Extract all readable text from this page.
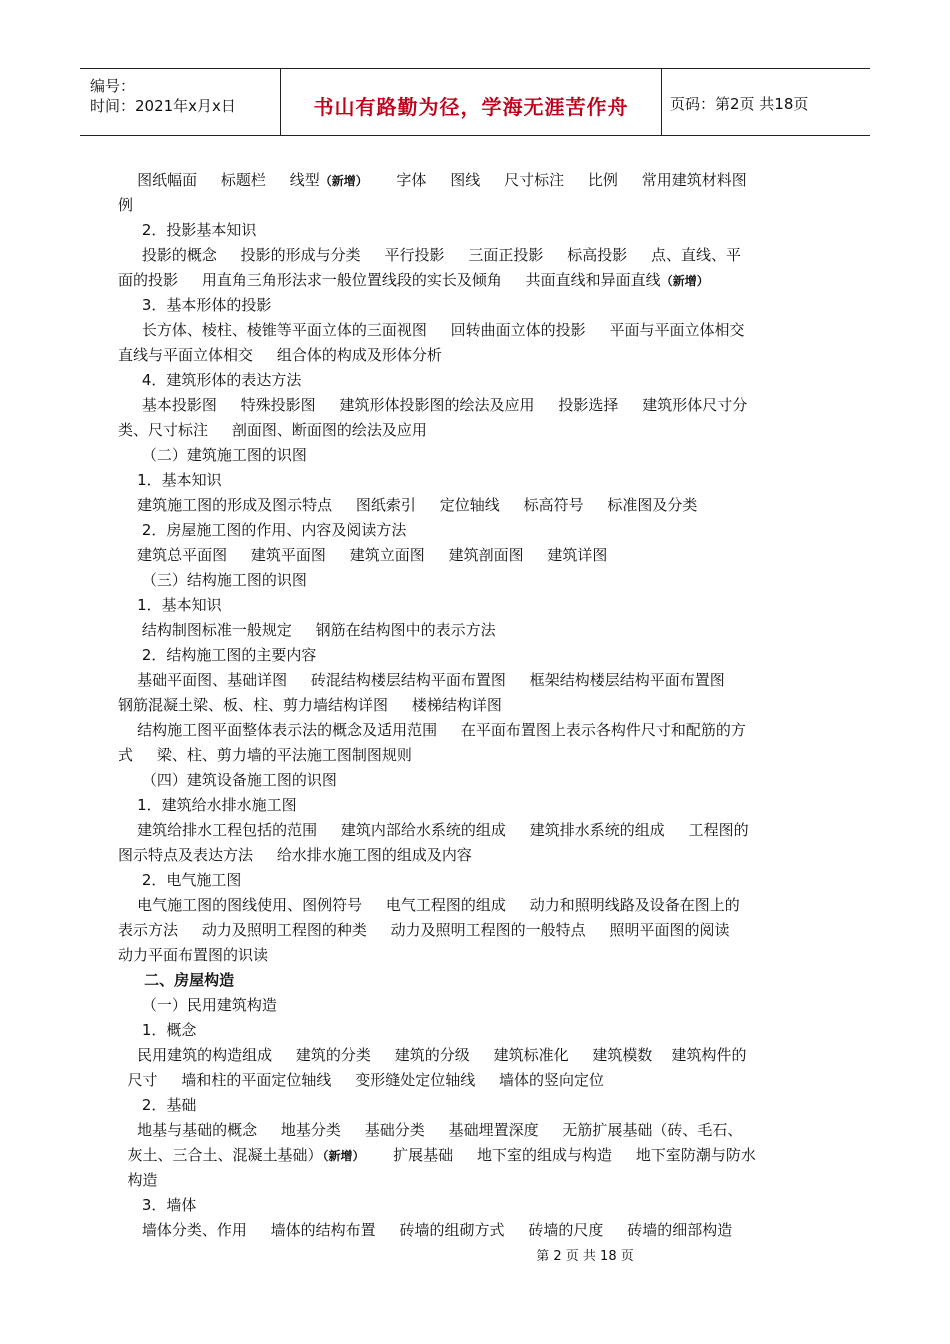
编号：
时间：2021年x月x日	书山有路勤为径，学海无涯苦作舟	页码：第2页 共18页
图纸幅面     标题栏     线型（新增）      字体     图线     尺寸标注     比例     常用建筑材料图
例
2．投影基本知识
投影的概念     投影的形成与分类     平行投影     三面正投影     标高投影     点、直线、平
面的投影     用直角三角形法求一般位置线段的实长及倾角     共面直线和异面直线（新增）
3．基本形体的投影
长方体、棱柱、棱锥等平面立体的三面视图     回转曲面立体的投影     平面与平面立体相交
直线与平面立体相交     组合体的构成及形体分析
4．建筑形体的表达方法
基本投影图     特殊投影图     建筑形体投影图的绘法及应用     投影选择     建筑形体尺寸分
类、尺寸标注     剖面图、断面图的绘法及应用
（二）建筑施工图的识图
1．基本知识
建筑施工图的形成及图示特点     图纸索引     定位轴线     标高符号     标准图及分类
2．房屋施工图的作用、内容及阅读方法
建筑总平面图     建筑平面图     建筑立面图     建筑剖面图     建筑详图
（三）结构施工图的识图
1．基本知识
结构制图标准一般规定     钢筋在结构图中的表示方法
2．结构施工图的主要内容
基础平面图、基础详图     砖混结构楼层结构平面布置图     框架结构楼层结构平面布置图
钢筋混凝土梁、板、柱、剪力墙结构详图     楼梯结构详图
结构施工图平面整体表示法的概念及适用范围     在平面布置图上表示各构件尺寸和配筋的方
式     梁、柱、剪力墙的平法施工图制图规则
（四）建筑设备施工图的识图
1．建筑给水排水施工图
建筑给排水工程包括的范围     建筑内部给水系统的组成     建筑排水系统的组成     工程图的
图示特点及表达方法     给水排水施工图的组成及内容
2．电气施工图
电气施工图的图线使用、图例符号     电气工程图的组成     动力和照明线路及设备在图上的
表示方法     动力及照明工程图的种类     动力及照明工程图的一般特点     照明平面图的阅读
动力平面布置图的识读
二、房屋构造
（一）民用建筑构造
1．概念
民用建筑的构造组成     建筑的分类     建筑的分级     建筑标准化     建筑模数    建筑构件的
尺寸     墙和柱的平面定位轴线     变形缝处定位轴线     墙体的竖向定位
2．基础
地基与基础的概念     地基分类     基础分类     基础埋置深度     无筋扩展基础（砖、毛石、
灰土、三合土、混凝土基础）（新增）      扩展基础     地下室的组成与构造     地下室防潮与防水
构造
3．墙体
墙体分类、作用     墙体的结构布置     砖墙的组砌方式     砖墙的尺度     砖墙的细部构造
第 2 页 共 18 页
